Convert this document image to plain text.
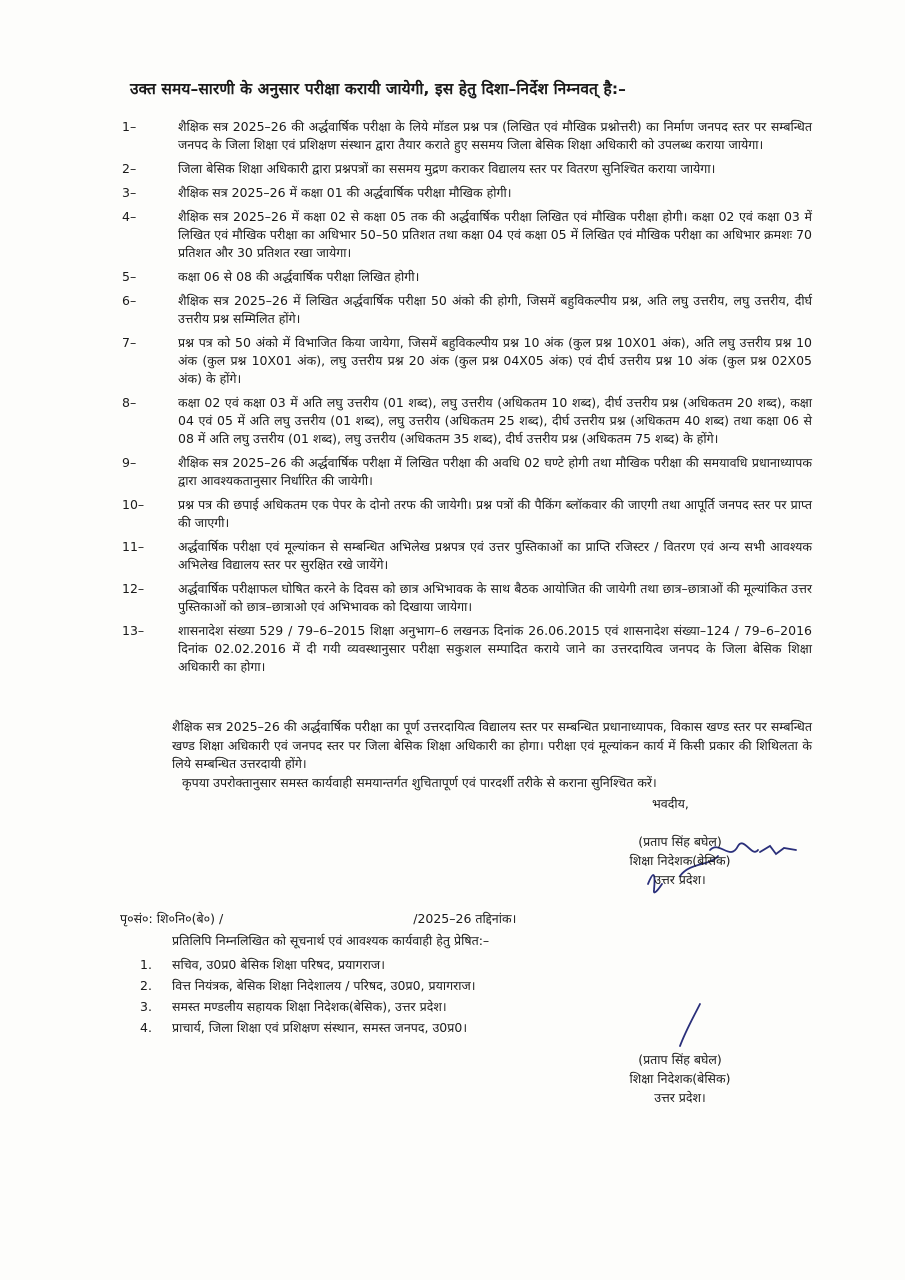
उक्त समय–सारणी के अनुसार परीक्षा करायी जायेगी, इस हेतु दिशा–निर्देश निम्नवत् है:–
1–	शैक्षिक सत्र 2025–26 की अर्द्धवार्षिक परीक्षा के लिये मॉडल प्रश्न पत्र (लिखित एवं मौखिक प्रश्नोत्तरी) का निर्माण जनपद स्तर पर सम्बन्धित जनपद के जिला शिक्षा एवं प्रशिक्षण संस्थान द्वारा तैयार कराते हुए ससमय जिला बेसिक शिक्षा अधिकारी को उपलब्ध कराया जायेगा।
2–	जिला बेसिक शिक्षा अधिकारी द्वारा प्रश्नपत्रों का ससमय मुद्रण कराकर विद्यालय स्तर पर वितरण सुनिश्चित कराया जायेगा।
3–	शैक्षिक सत्र 2025–26 में कक्षा 01 की अर्द्धवार्षिक परीक्षा मौखिक होगी।
4–	शैक्षिक सत्र 2025–26 में कक्षा 02 से कक्षा 05 तक की अर्द्धवार्षिक परीक्षा लिखित एवं मौखिक परीक्षा होगी। कक्षा 02 एवं कक्षा 03 में लिखित एवं मौखिक परीक्षा का अधिभार 50–50 प्रतिशत तथा कक्षा 04 एवं कक्षा 05 में लिखित एवं मौखिक परीक्षा का अधिभार क्रमशः 70 प्रतिशत और 30 प्रतिशत रखा जायेगा।
5–	कक्षा 06 से 08 की अर्द्धवार्षिक परीक्षा लिखित होगी।
6–	शैक्षिक सत्र 2025–26 में लिखित अर्द्धवार्षिक परीक्षा 50 अंको की होगी, जिसमें बहुविकल्पीय प्रश्न, अति लघु उत्तरीय, लघु उत्तरीय, दीर्घ उत्तरीय प्रश्न सम्मिलित होंगे।
7–	प्रश्न पत्र को 50 अंको में विभाजित किया जायेगा, जिसमें बहुविकल्पीय प्रश्न 10 अंक (कुल प्रश्न 10X01 अंक), अति लघु उत्तरीय प्रश्न 10 अंक (कुल प्रश्न 10X01 अंक), लघु उत्तरीय प्रश्न 20 अंक (कुल प्रश्न 04X05 अंक) एवं दीर्घ उत्तरीय प्रश्न 10 अंक (कुल प्रश्न 02X05 अंक) के होंगे।
8–	कक्षा 02 एवं कक्षा 03 में अति लघु उत्तरीय (01 शब्द), लघु उत्तरीय (अधिकतम 10 शब्द), दीर्घ उत्तरीय प्रश्न (अधिकतम 20 शब्द), कक्षा 04 एवं 05 में अति लघु उत्तरीय (01 शब्द), लघु उत्तरीय (अधिकतम 25 शब्द), दीर्घ उत्तरीय प्रश्न (अधिकतम 40 शब्द) तथा कक्षा 06 से 08 में अति लघु उत्तरीय (01 शब्द), लघु उत्तरीय (अधिकतम 35 शब्द), दीर्घ उत्तरीय प्रश्न (अधिकतम 75 शब्द) के होंगे।
9–	शैक्षिक सत्र 2025–26 की अर्द्धवार्षिक परीक्षा में लिखित परीक्षा की अवधि 02 घण्टे होगी तथा मौखिक परीक्षा की समयावधि प्रधानाध्यापक द्वारा आवश्यकतानुसार निर्धारित की जायेगी।
10–	प्रश्न पत्र की छपाई अधिकतम एक पेपर के दोनो तरफ की जायेगी। प्रश्न पत्रों की पैकिंग ब्लॉकवार की जाएगी तथा आपूर्ति जनपद स्तर पर प्राप्त की जाएगी।
11–	अर्द्धवार्षिक परीक्षा एवं मूल्यांकन से सम्बन्धित अभिलेख प्रश्नपत्र एवं उत्तर पुस्तिकाओं का प्राप्ति रजिस्टर / वितरण एवं अन्य सभी आवश्यक अभिलेख विद्यालय स्तर पर सुरक्षित रखे जायेंगे।
12–	अर्द्धवार्षिक परीक्षाफल घोषित करने के दिवस को छात्र अभिभावक के साथ बैठक आयोजित की जायेगी तथा छात्र–छात्राओं की मूल्यांकित उत्तर पुस्तिकाओं को छात्र–छात्राओ एवं अभिभावक को दिखाया जायेगा।
13–	शासनादेश संख्या 529 / 79–6–2015 शिक्षा अनुभाग–6 लखनऊ दिनांक 26.06.2015 एवं शासनादेश संख्या–124 / 79–6–2016 दिनांक 02.02.2016 में दी गयी व्यवस्थानुसार परीक्षा सकुशल सम्पादित कराये जाने का उत्तरदायित्व जनपद के जिला बेसिक शिक्षा अधिकारी का होगा।

शैक्षिक सत्र 2025–26 की अर्द्धवार्षिक परीक्षा का पूर्ण उत्तरदायित्व विद्यालय स्तर पर सम्बन्धित प्रधानाध्यापक, विकास खण्ड स्तर पर सम्बन्धित खण्ड शिक्षा अधिकारी एवं जनपद स्तर पर जिला बेसिक शिक्षा अधिकारी का होगा। परीक्षा एवं मूल्यांकन कार्य में किसी प्रकार की शिथिलता के लिये सम्बन्धित उत्तरदायी होंगे।

कृपया उपरोक्तानुसार समस्त कार्यवाही समयान्तर्गत शुचितापूर्ण एवं पारदर्शी तरीके से कराना सुनिश्चित करें।

भवदीय,
(प्रताप सिंह बघेल)
शिक्षा निदेशक(बेसिक)
उत्तर प्रदेश।
पृ०सं०: शि०नि०(बे०) /	/2025–26 तद्दिनांक।
प्रतिलिपि निम्नलिखित को सूचनार्थ एवं आवश्यक कार्यवाही हेतु प्रेषित:–
1.	सचिव, उ0प्र0 बेसिक शिक्षा परिषद, प्रयागराज।
2.	वित्त नियंत्रक, बेसिक शिक्षा निदेशालय / परिषद, उ0प्र0, प्रयागराज।
3.	समस्त मण्डलीय सहायक शिक्षा निदेशक(बेसिक), उत्तर प्रदेश।
4.	प्राचार्य, जिला शिक्षा एवं प्रशिक्षण संस्थान, समस्त जनपद, उ0प्र0।
(प्रताप सिंह बघेल)
शिक्षा निदेशक(बेसिक)
उत्तर प्रदेश।
